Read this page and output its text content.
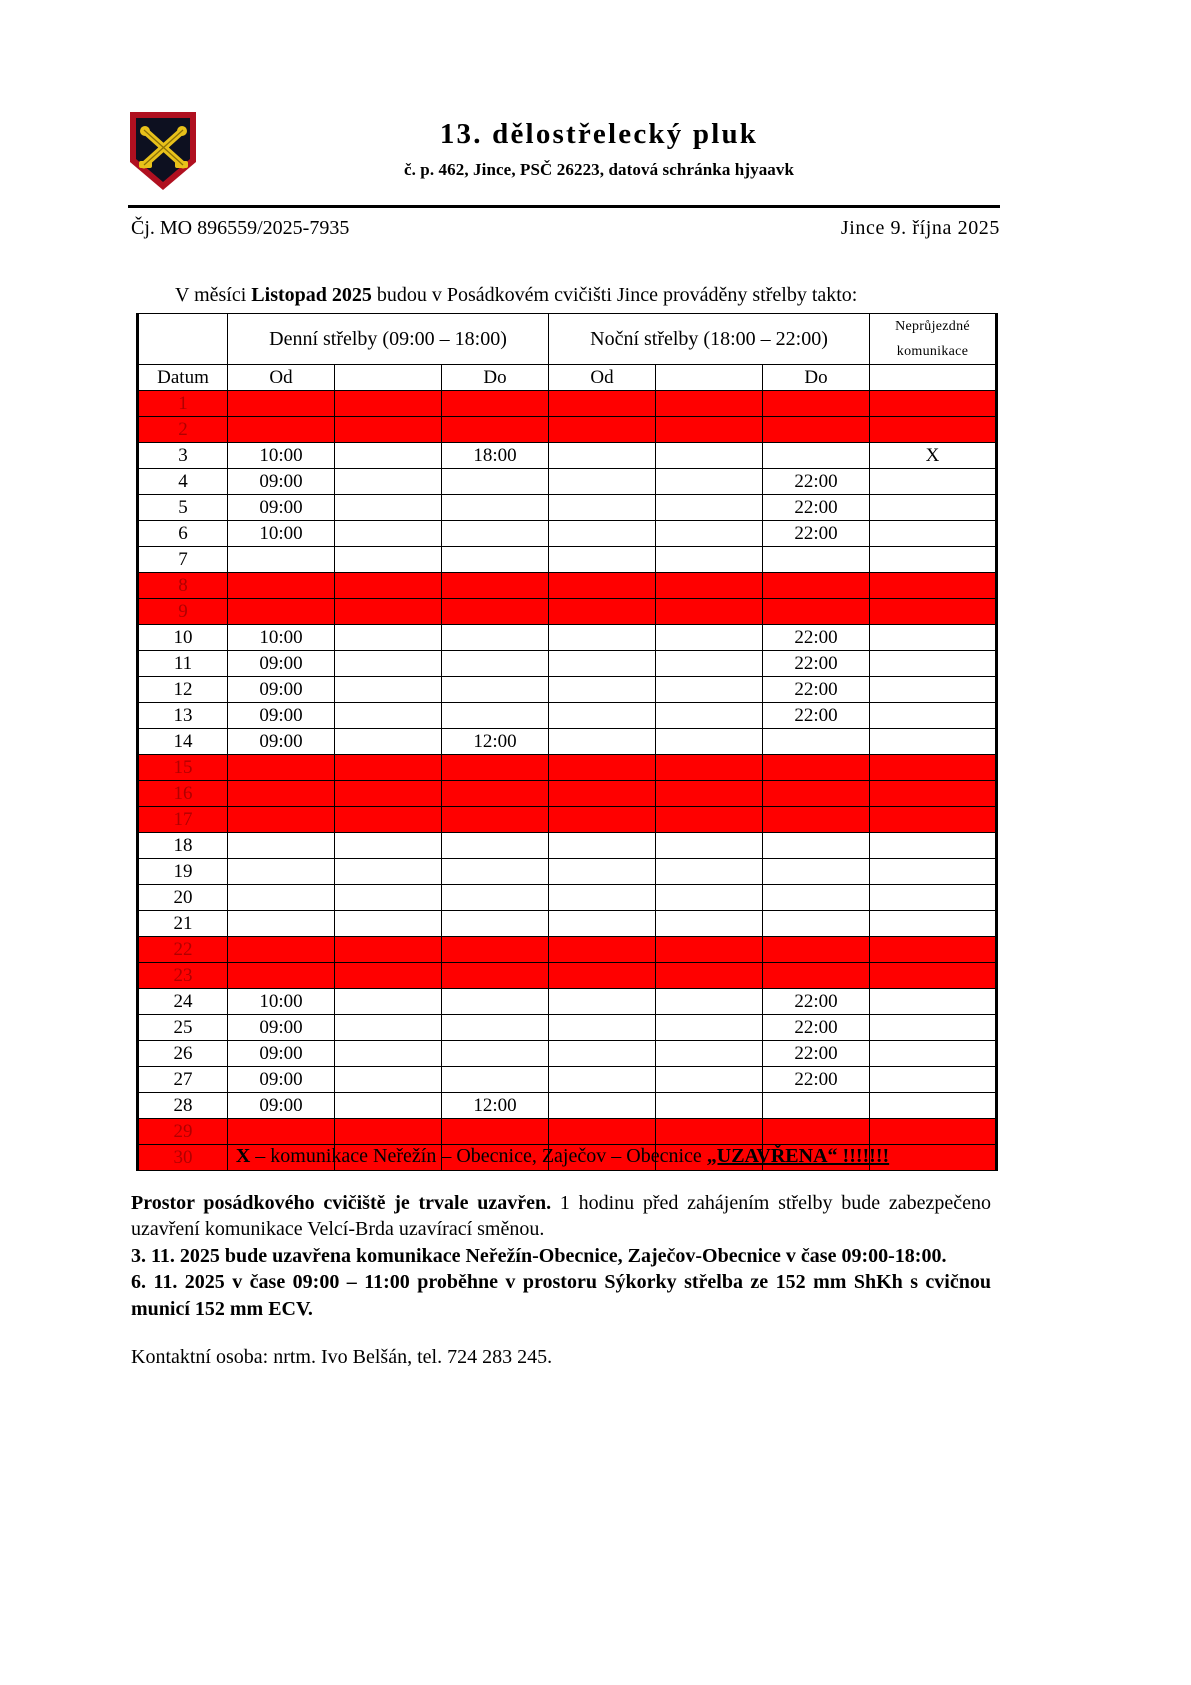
13. dělostřelecký pluk
č. p. 462, Jince, PSČ 26223, datová schránka hjyaavk
Čj. MO 896559/2025-7935	Jince 9. října 2025
V měsíci Listopad 2025 budou v Posádkovém cvičišti Jince prováděny střelby takto:
	Denní střelby (09:00 – 18:00)			Noční střelby (18:00 – 22:00)			Neprůjezdné
komunikace

Datum	Od		Do	Od		Do	
1							
2							
3	10:00		18:00				X
4	09:00					22:00	
5	09:00					22:00	
6	10:00					22:00	
7							
8							
9							
10	10:00					22:00	
11	09:00					22:00	
12	09:00					22:00	
13	09:00					22:00	
14	09:00		12:00				
15							
16							
17							
18							
19							
20							
21							
22							
23							
24	10:00					22:00	
25	09:00					22:00	
26	09:00					22:00	
27	09:00					22:00	
28	09:00		12:00				
29							
30								X – komunikace Neřežín – Obecnice, Zaječov – Obecnice „UZAVŘENA“ !!!!!!!

Prostor posádkového cvičiště je trvale uzavřen. 1 hodinu před zahájením střelby bude zabezpečeno uzavření komunikace Velcí-Brda uzavírací směnou.

3. 11. 2025 bude uzavřena komunikace Neřežín-Obecnice, Zaječov-Obecnice v čase 09:00-18:00.

6. 11. 2025 v čase 09:00 – 11:00 proběhne v prostoru Sýkorky střelba ze 152 mm ShKh s cvičnou municí 152 mm ECV.

Kontaktní osoba: nrtm. Ivo Belšán, tel. 724 283 245.
